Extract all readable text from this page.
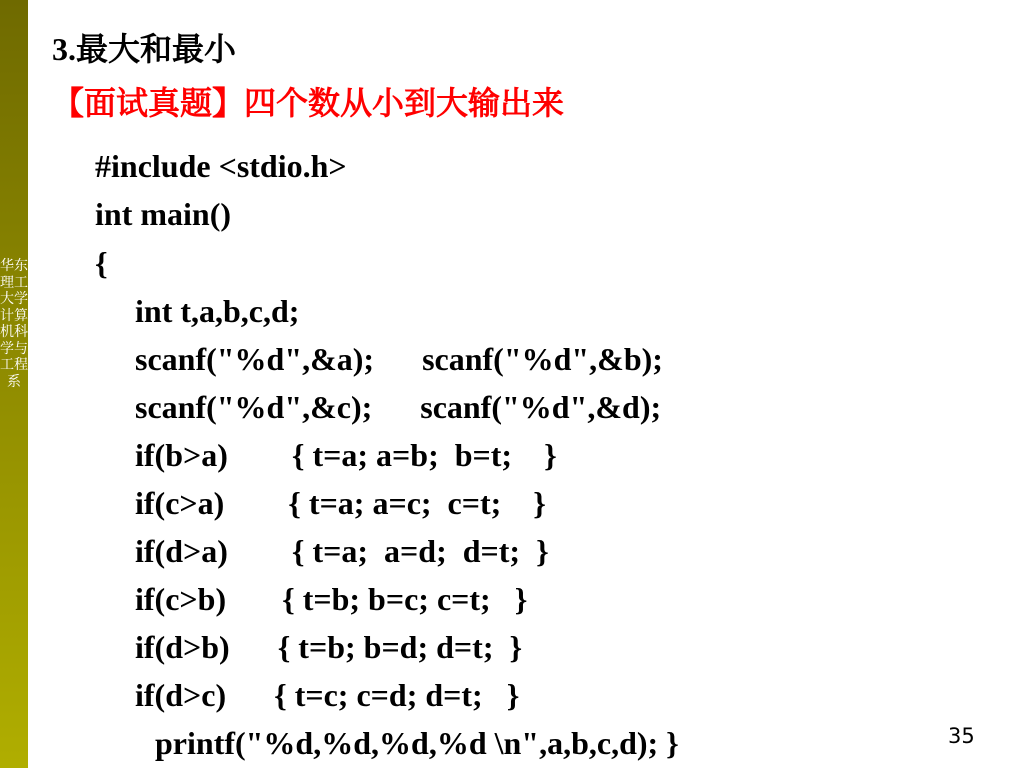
华东理工大学计算机科学与工程系
3.最大和最小
【面试真题】四个数从小到大输出来
#include <stdio.h>
int main()
{
int t,a,b,c,d;
scanf("%d",&a);      scanf("%d",&b);
scanf("%d",&c);      scanf("%d",&d);
if(b>a)        { t=a; a=b;  b=t;    }
if(c>a)        { t=a; a=c;  c=t;    }
if(d>a)        { t=a;  a=d;  d=t;  }
if(c>b)       { t=b; b=c; c=t;   }
if(d>b)      { t=b; b=d; d=t;  }
if(d>c)      { t=c; c=d; d=t;   }
printf("%d,%d,%d,%d \n",a,b,c,d); }	35
